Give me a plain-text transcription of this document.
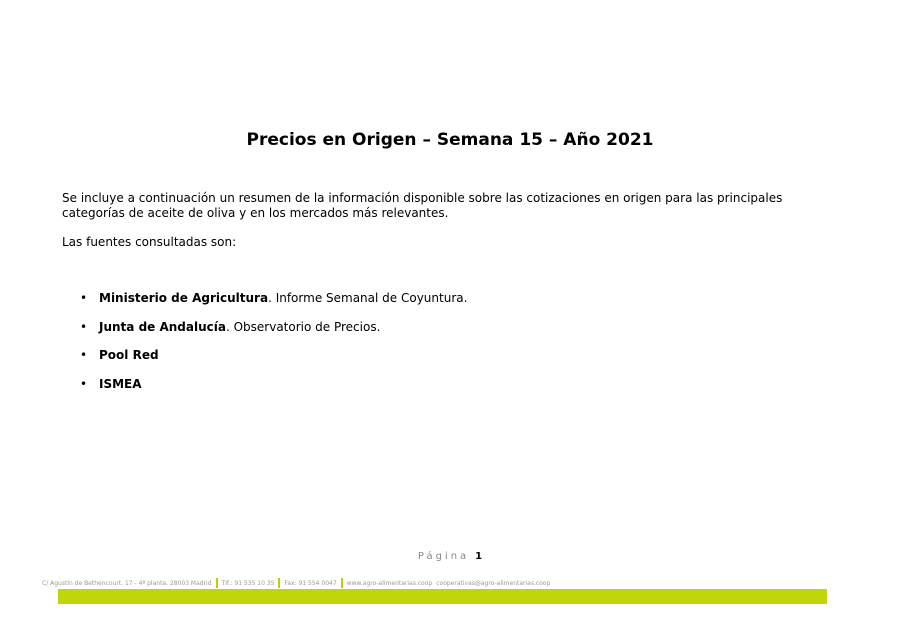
Precios en Origen – Semana 15 – Año 2021
Se incluye a continuación un resumen de la información disponible sobre las cotizaciones en origen para las principales categorías de aceite de oliva y en los mercados más relevantes.
Las fuentes consultadas son:
• Ministerio de Agricultura. Informe Semanal de Coyuntura.
• Junta de Andalucía. Observatorio de Precios.
• Pool Red
• ISMEA
Página 1
C/ Agustín de Bethencourt, 17 - 4ª planta, 28003 Madrid Tlf.: 91 535 10 35 Fax: 91 554 0047 www.agro-alimentarias.coop cooperativas@agro-alimentarias.coop
